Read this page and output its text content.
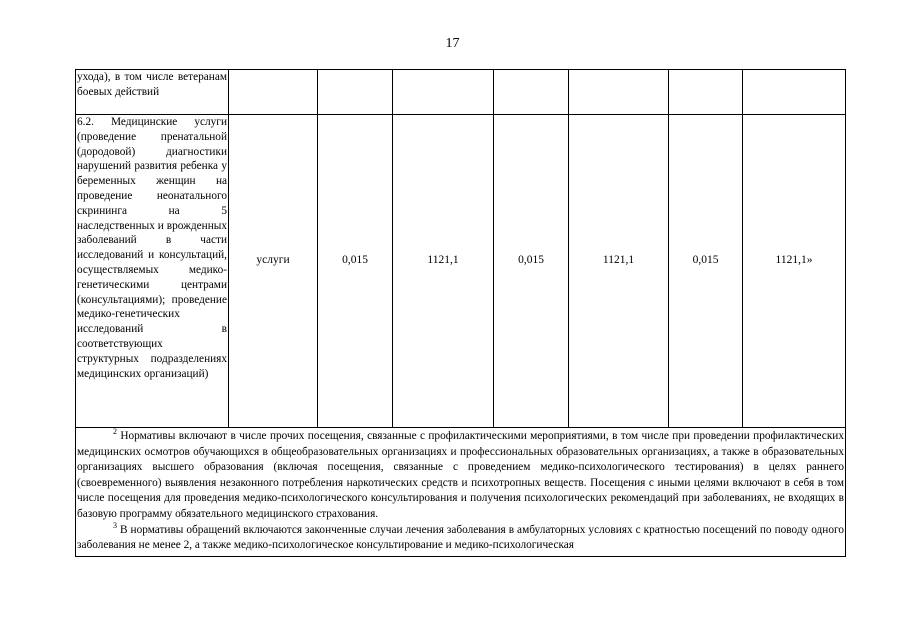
17
ухода), в том числе ветеранам боевых действий							
6.2. Медицинские услуги (проведение пренатальной (дородовой) диагностики нарушений развития ребенка у беременных женщин на проведение неонатального скрининга на 5 наследственных и врожденных заболеваний в части исследований и консультаций, осуществляемых медико-генетическими центрами (консультациями); проведение медико-генетических исследований в соответствующих структурных подразделениях медицинских организаций)	услуги	0,015	1121,1	0,015	1121,1	0,015	1121,1»

$^2$ Нормативы включают в числе прочих посещения, связанные с профилактическими мероприятиями, в том числе при проведении профилактических медицинских осмотров обучающихся в общеобразовательных организациях и профессиональных образовательных организациях, а также в образовательных организациях высшего образования (включая посещения, связанные с проведением медико-психологического тестирования) в целях раннего (своевременного) выявления незаконного потребления наркотических средств и психотропных веществ. Посещения с иными целями включают в себя в том числе посещения для проведения медико-психологического консультирования и получения психологических рекомендаций при заболеваниях, не входящих в базовую программу обязательного медицинского страхования.

$^3$ В нормативы обращений включаются законченные случаи лечения заболевания в амбулаторных условиях с кратностью посещений по поводу одного заболевания не менее 2, а также медико-психологическое консультирование и медико-психологическая							
